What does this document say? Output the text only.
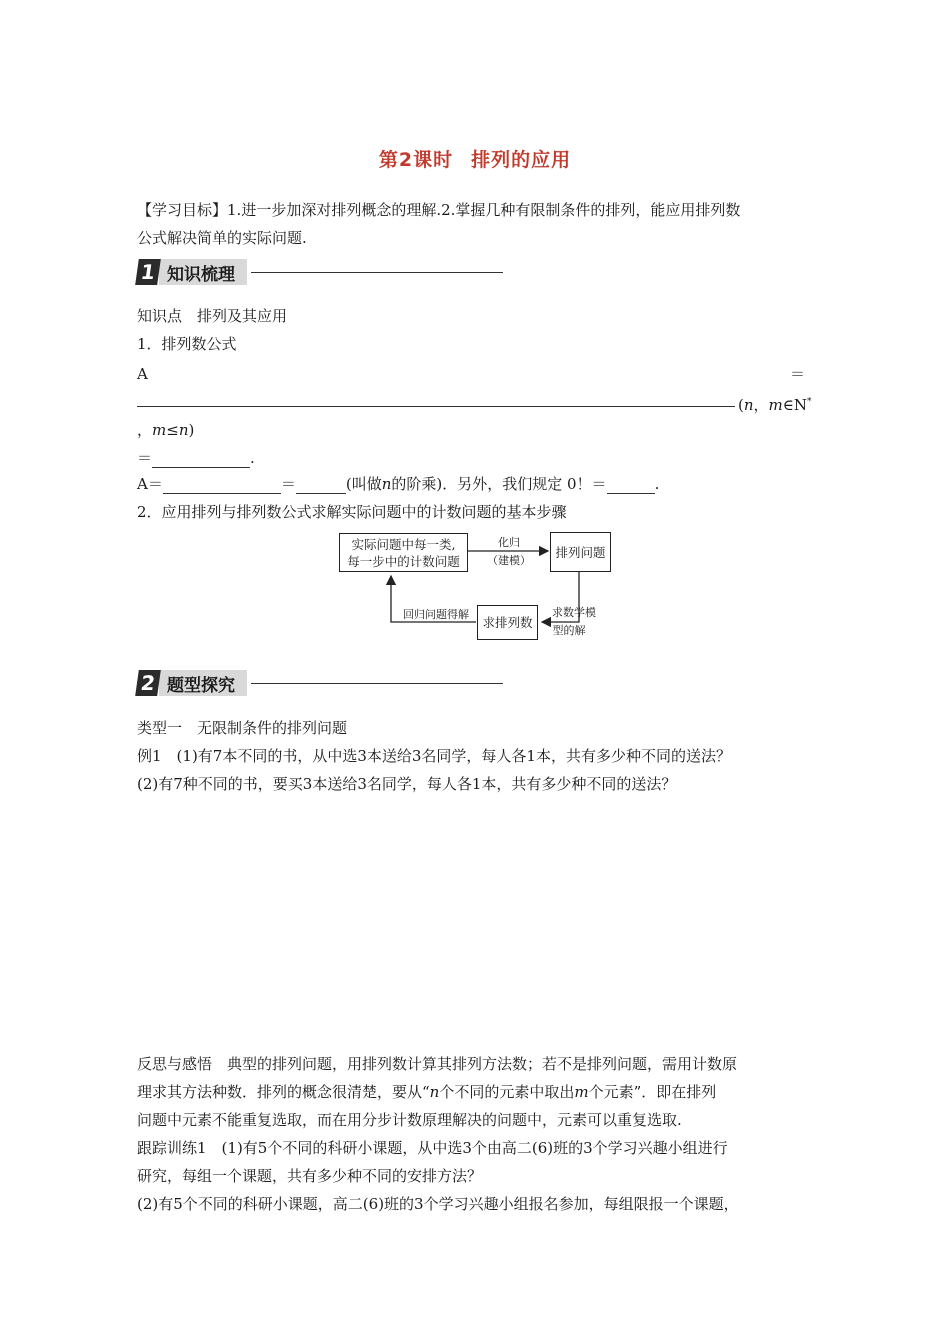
第2课时 排列的应用
【学习目标】1.进一步加深对排列概念的理解.2.掌握几种有限制条件的排列，能应用排列数
公式解决简单的实际问题.
1 知识梳理
知识点　排列及其应用
1．排列数公式
A	＝
(n，m∈N*
，m≤n)
＝	.
A＝	＝	(叫做n的阶乘)．另外，我们规定 0！＝	.
2．应用排列与排列数公式求解实际问题中的计数问题的基本步骤
实际问题中每一类,
每一步中的计数问题
化归
（建模）
排列问题
求数学模
型的解
求排列数
回归问题得解
2 题型探究
类型一　无限制条件的排列问题
例1　(1)有7本不同的书，从中选3本送给3名同学，每人各1本，共有多少种不同的送法？
(2)有7种不同的书，要买3本送给3名同学，每人各1本，共有多少种不同的送法？
反思与感悟　典型的排列问题，用排列数计算其排列方法数；若不是排列问题，需用计数原
理求其方法种数．排列的概念很清楚，要从“n个不同的元素中取出m个元素”．即在排列
问题中元素不能重复选取，而在用分步计数原理解决的问题中，元素可以重复选取.
跟踪训练1　(1)有5个不同的科研小课题，从中选3个由高二(6)班的3个学习兴趣小组进行
研究，每组一个课题，共有多少种不同的安排方法？
(2)有5个不同的科研小课题，高二(6)班的3个学习兴趣小组报名参加，每组限报一个课题，
